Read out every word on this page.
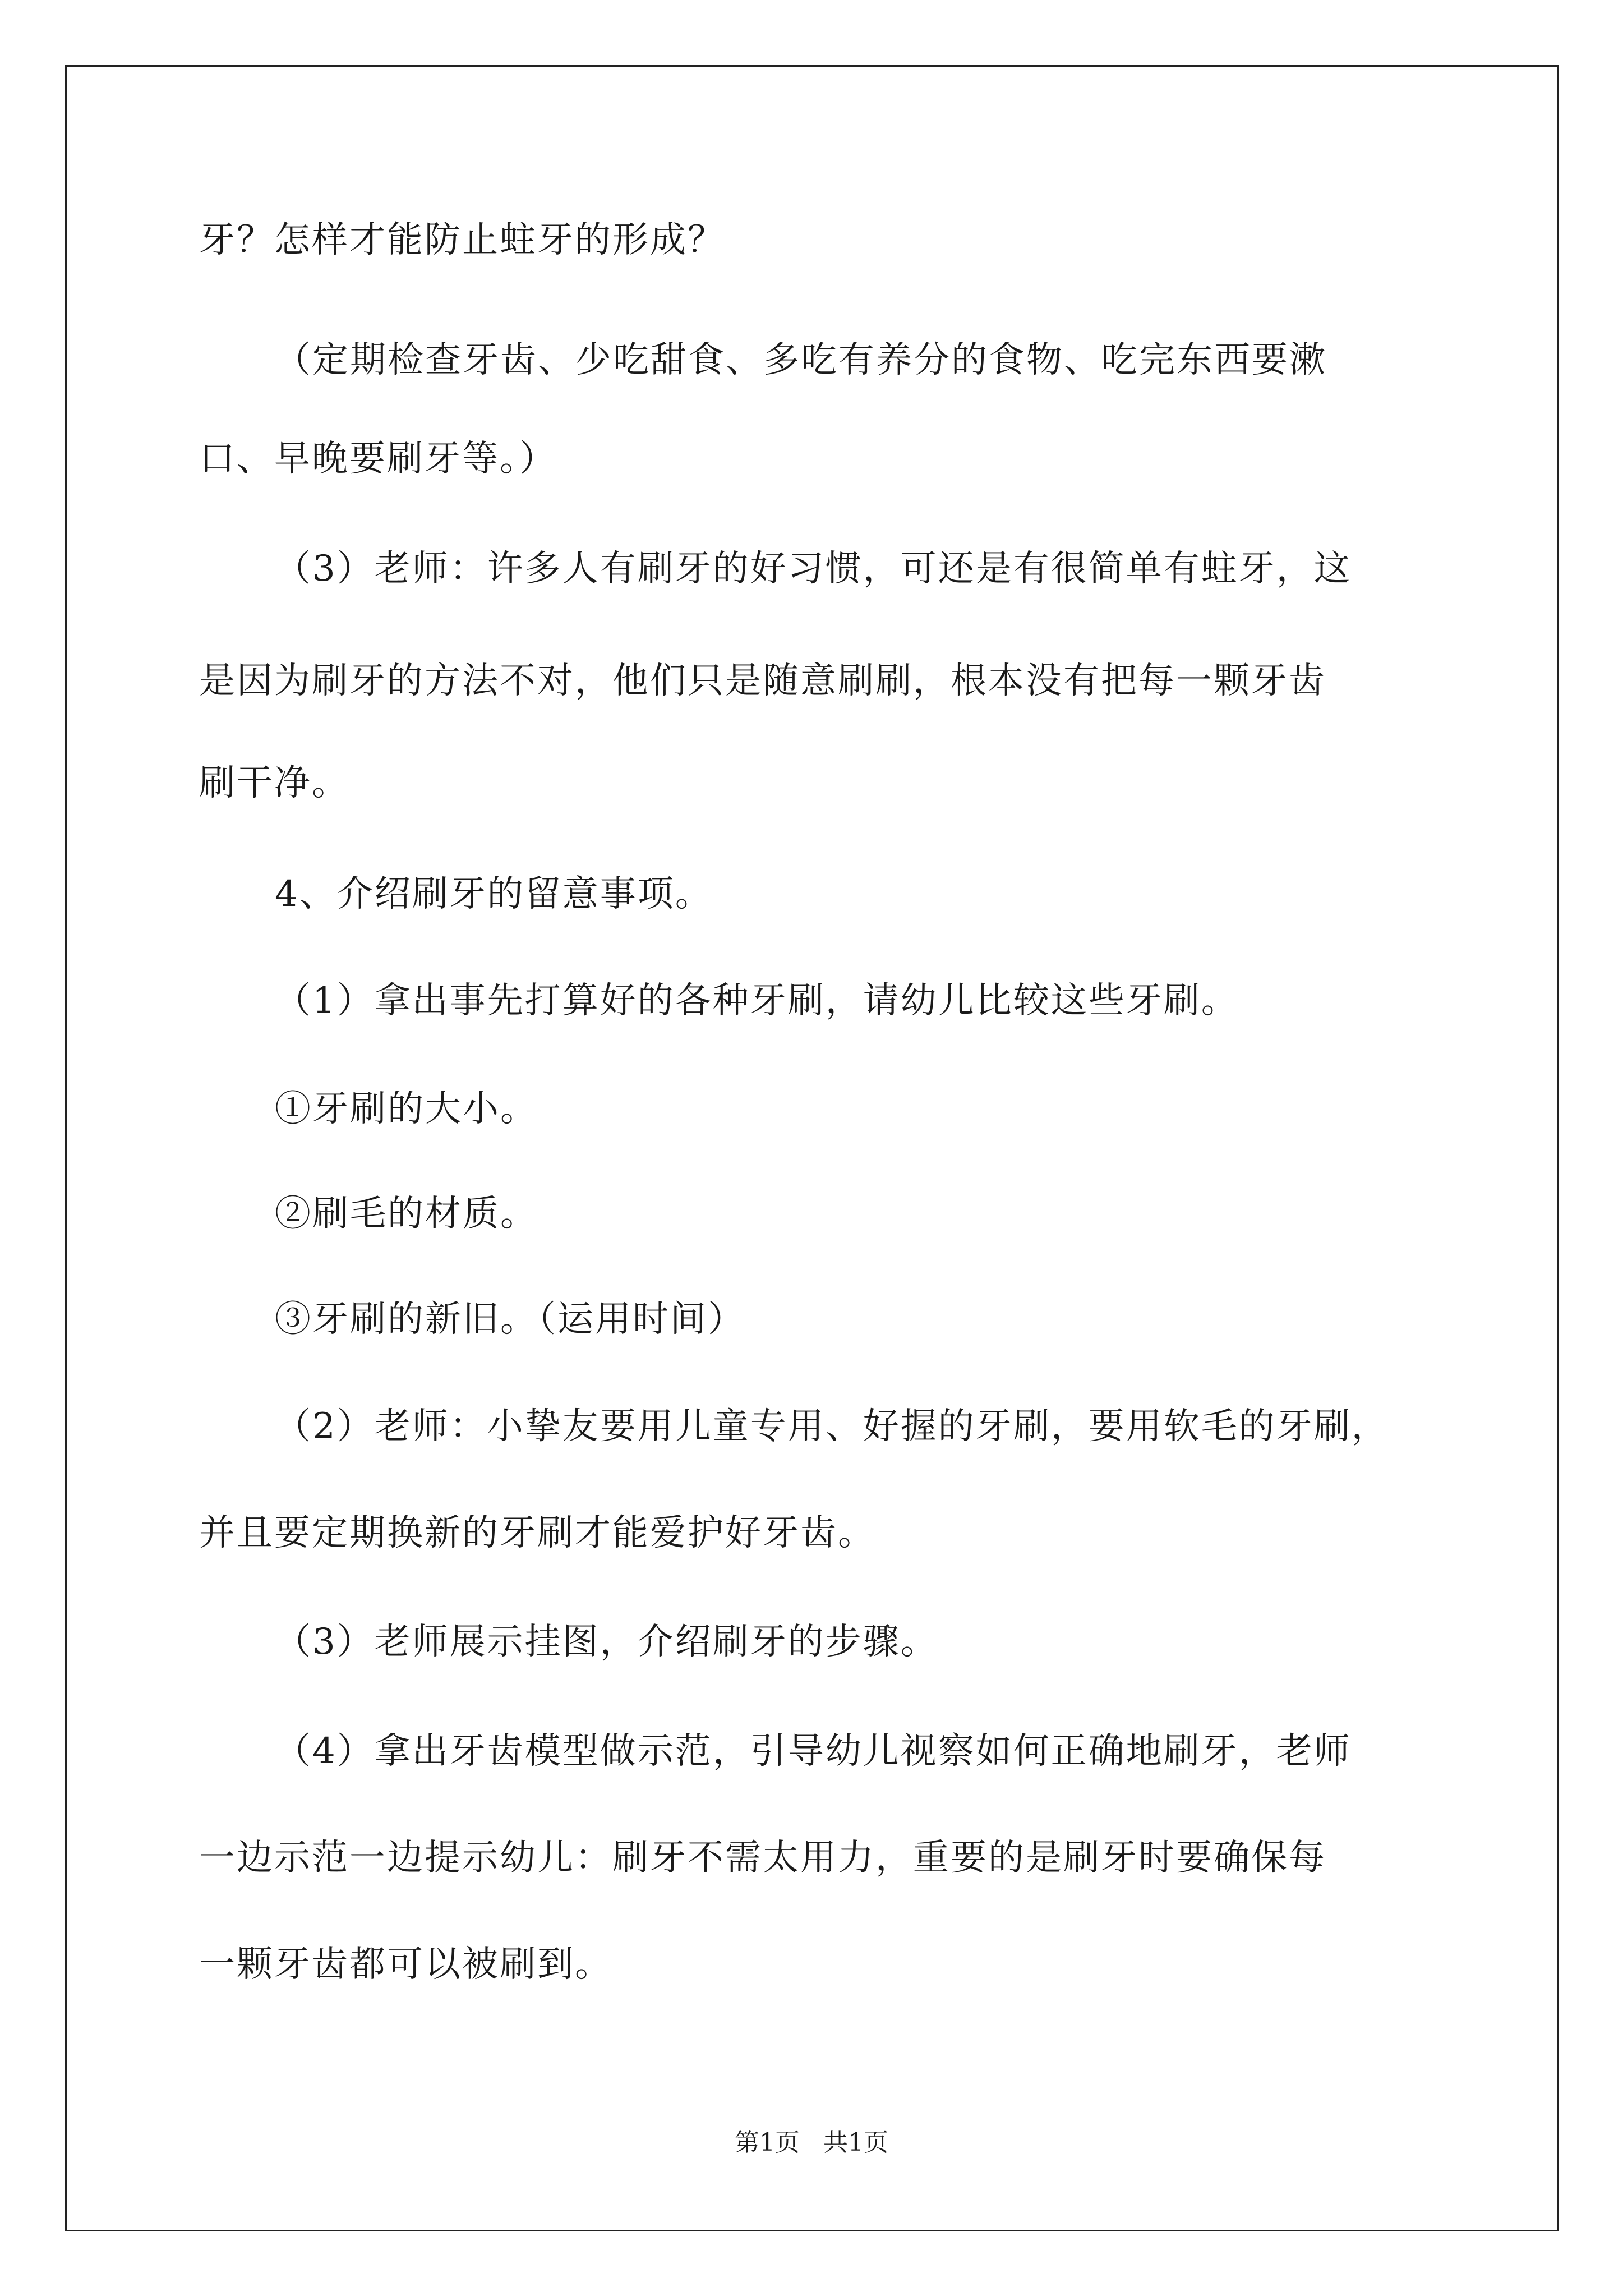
牙？怎样才能防止蛀牙的形成？
（定期检查牙齿、少吃甜食、多吃有养分的食物、吃完东西要漱
口、早晚要刷牙等。）
（3）老师：许多人有刷牙的好习惯，可还是有很简单有蛀牙，这
是因为刷牙的方法不对，他们只是随意刷刷，根本没有把每一颗牙齿
刷干净。
4、介绍刷牙的留意事项。
（1）拿出事先打算好的各种牙刷，请幼儿比较这些牙刷。
①牙刷的大小。
②刷毛的材质。
③牙刷的新旧。（运用时间）
（2）老师：小挚友要用儿童专用、好握的牙刷，要用软毛的牙刷，
并且要定期换新的牙刷才能爱护好牙齿。
（3）老师展示挂图，介绍刷牙的步骤。
（4）拿出牙齿模型做示范，引导幼儿视察如何正确地刷牙，老师
一边示范一边提示幼儿：刷牙不需太用力，重要的是刷牙时要确保每
一颗牙齿都可以被刷到。
第1页   共1页
